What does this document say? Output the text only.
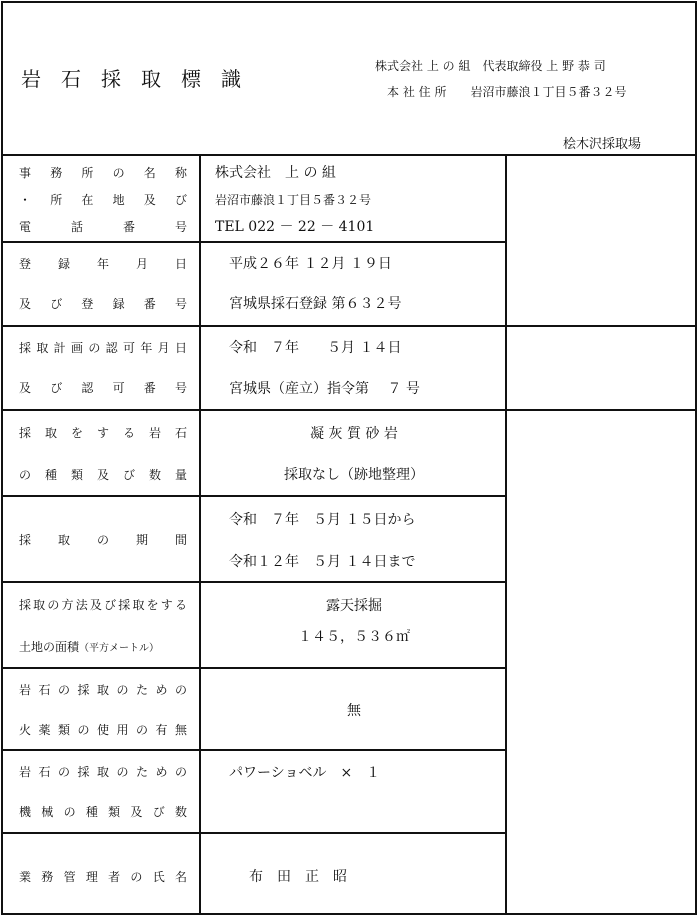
岩石採取標識
株式会社 上 の 組　代表取締役 上 野 恭 司
本 社 住 所　　岩沼市藤浪１丁目５番３２号
桧木沢採取場
事務所の名称
・所在地及び
電話番号
株式会社　上 の 組
岩沼市藤浪１丁目５番３２号
TEL 022 － 22 － 4101
登録年月日
及び登録番号
平成２６年 １２月 １９日
宮城県採石登録 第６３２号
採取計画の認可年月日
及び認可番号
令和　７年　　５月 １４日
宮城県（産立）指令第　 ７ 号
採取をする岩石
の種類及び数量
凝 灰 質 砂 岩
採取なし（跡地整理）
採取の期間
令和　７年　５月 １５日から
令和１２年　５月 １４日まで
採取の方法及び採取をする
土地の面積（平方メートル）
露天採掘
１４５，５３６㎡
岩石の採取のための
火薬類の使用の有無
無
岩石の採取のための
機械の種類及び数
パワーショベル　×　１
業務管理者の氏名	布　田　正　昭
